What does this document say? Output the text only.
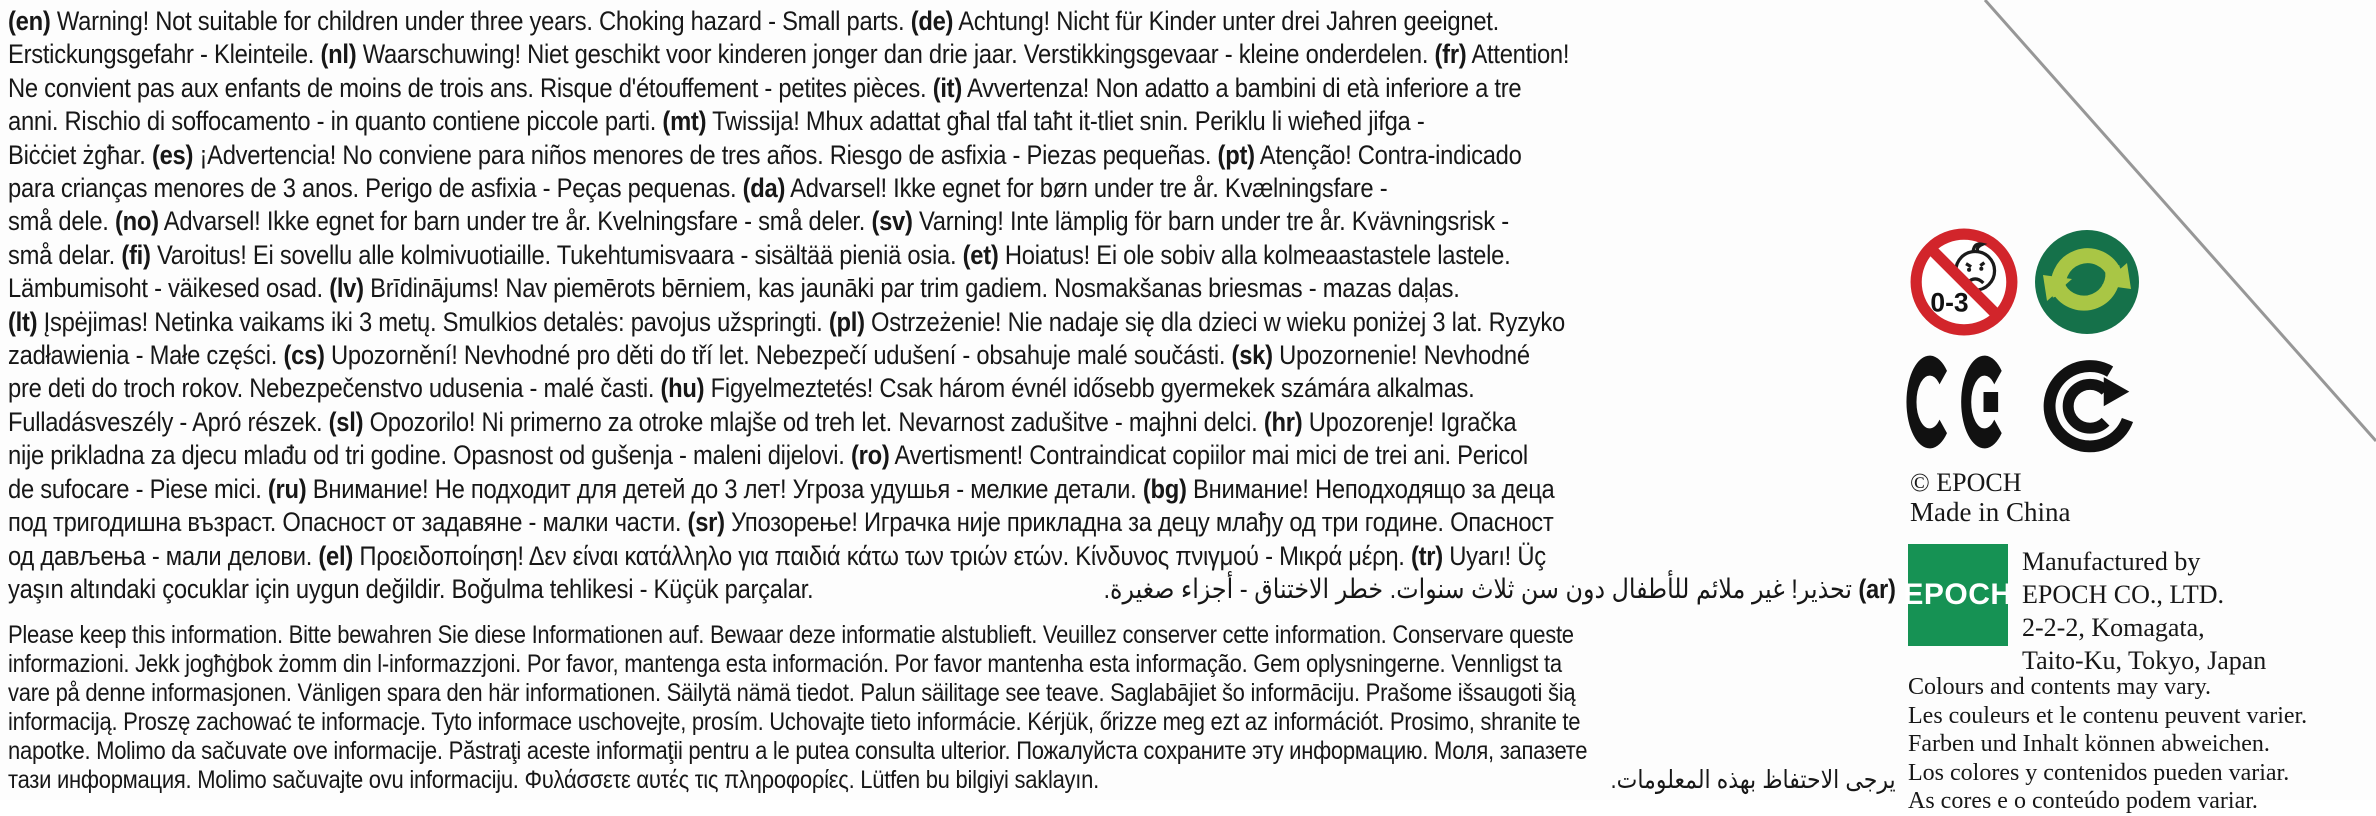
(en) Warning! Not suitable for children under three years. Choking hazard - Small parts. (de) Achtung! Nicht für Kinder unter drei Jahren geeignet.
Erstickungsgefahr - Kleinteile. (nl) Waarschuwing! Niet geschikt voor kinderen jonger dan drie jaar. Verstikkingsgevaar - kleine onderdelen. (fr) Attention!
Ne convient pas aux enfants de moins de trois ans. Risque d'étouffement - petites pièces. (it) Avvertenza! Non adatto a bambini di età inferiore a tre
anni. Rischio di soffocamento - in quanto contiene piccole parti. (mt) Twissija! Mhux adattat għal tfal taħt it-tliet snin. Periklu li wieħed jifga -
Biċċiet żgħar. (es) ¡Advertencia! No conviene para niños menores de tres años. Riesgo de asfixia - Piezas pequeñas. (pt) Atenção! Contra-indicado
para crianças menores de 3 anos. Perigo de asfixia - Peças pequenas. (da) Advarsel! Ikke egnet for børn under tre år. Kvælningsfare -
små dele. (no) Advarsel! Ikke egnet for barn under tre år. Kvelningsfare - små deler. (sv) Varning! Inte lämplig för barn under tre år. Kvävningsrisk -
små delar. (fi) Varoitus! Ei sovellu alle kolmivuotiaille. Tukehtumisvaara - sisältää pieniä osia. (et) Hoiatus! Ei ole sobiv alla kolmeaastastele lastele.
Lämbumisoht - väikesed osad. (lv) Brīdinājums! Nav piemērots bērniem, kas jaunāki par trim gadiem. Nosmakšanas briesmas - mazas daļas.
(lt) Įspėjimas! Netinka vaikams iki 3 metų. Smulkios detalės: pavojus užspringti. (pl) Ostrzeżenie! Nie nadaje się dla dzieci w wieku poniżej 3 lat. Ryzyko
zadławienia - Małe części. (cs) Upozornění! Nevhodné pro děti do tří let. Nebezpečí udušení - obsahuje malé součásti. (sk) Upozornenie! Nevhodné
pre deti do troch rokov. Nebezpečenstvo udusenia - malé časti. (hu) Figyelmeztetés! Csak három évnél idősebb gyermekek számára alkalmas.
Fulladásveszély - Apró részek. (sl) Opozorilo! Ni primerno za otroke mlajše od treh let. Nevarnost zadušitve - majhni delci. (hr) Upozorenje! Igračka
nije prikladna za djecu mlađu od tri godine. Opasnost od gušenja - maleni dijelovi. (ro) Avertisment! Contraindicat copiilor mai mici de trei ani. Pericol
de sufocare - Piese mici. (ru) Внимание! Не подходит для детей до 3 лет! Угроза удушья - мелкие детали. (bg) Внимание! Неподходящо за деца
под тригодишна възраст. Опасност от задавяне - малки части. (sr) Упозорење! Играчка није прикладна за децу млађу од три године. Опасност
од дављења - мали делови. (el) Προειδοποίηση! Δεν είναι κατάλληλο για παιδιά κάτω των τριών ετών. Κίνδυνος πνιγμού - Μικρά μέρη. (tr) Uyarı! Üç
yaşın altındaki çocuklar için uygun değildir. Boğulma tehlikesi - Küçük parçalar.	(ar) تحذير! غير ملائم للأطفال دون سن ثلاث سنوات. خطر الاختناق - أجزاء صغيرة.
Please keep this information. Bitte bewahren Sie diese Informationen auf. Bewaar deze informatie alstublieft. Veuillez conserver cette information. Conservare queste
informazioni. Jekk jogħġbok żomm din l-informazzjoni. Por favor, mantenga esta información. Por favor mantenha esta informação. Gem oplysningerne. Vennligst ta
vare på denne informasjonen. Vänligen spara den här informationen. Säilytä nämä tiedot. Palun säilitage see teave. Saglabājiet šo informāciju. Prašome išsaugoti šią
informaciją. Proszę zachować te informacje. Tyto informace uschovejte, prosím. Uchovajte tieto informácie. Kérjük, őrizze meg ezt az információt. Prosimo, shranite te
napotke. Molimo da sačuvate ove informacije. Păstraţi aceste informaţii pentru a le putea consulta ulterior. Пожалуйста сохраните эту информацию. Моля, запазете
тази информация. Molimo sačuvajte ovu informaciju. Φυλάσσετε αυτές τις πληροφορίες. Lütfen bu bilgiyi saklayın.	يرجى الاحتفاظ بهذه المعلومات.
0-3
© EPOCH
Made in China
EPOCH
Manufactured by
EPOCH CO., LTD.
2-2-2, Komagata,
Taito-Ku, Tokyo, Japan
Colours and contents may vary.
Les couleurs et le contenu peuvent varier.
Farben und Inhalt können abweichen.
Los colores y contenidos pueden variar.
As cores e o conteúdo podem variar.
